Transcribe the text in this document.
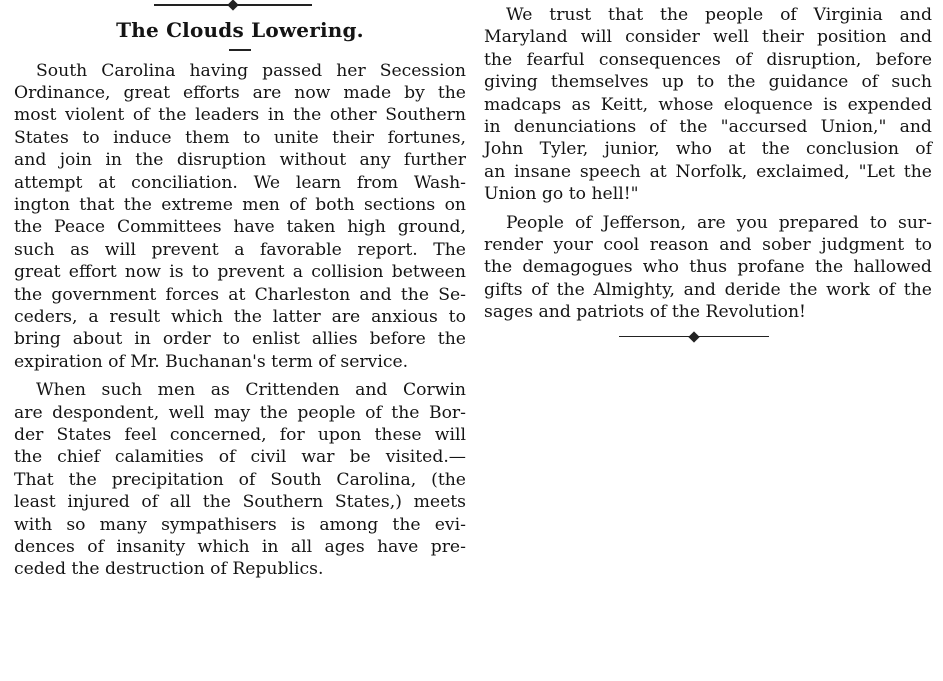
The Clouds Lowering.
South Carolina having passed her Secession
Ordinance, great efforts are now made by the
most violent of the leaders in the other Southern
States to induce them to unite their fortunes,
and join in the disruption without any further
attempt at conciliation. We learn from Wash-
ington that the extreme men of both sections on
the Peace Committees have taken high ground,
such as will prevent a favorable report. The
great effort now is to prevent a collision between
the government forces at Charleston and the Se-
ceders, a result which the latter are anxious to
bring about in order to enlist allies before the
expiration of Mr. Buchanan's term of service.
When such men as Crittenden and Corwin
are despondent, well may the people of the Bor-
der States feel concerned, for upon these will
the chief calamities of civil war be visited.—
That the precipitation of South Carolina, (the
least injured of all the Southern States,) meets
with so many sympathisers is among the evi-
dences of insanity which in all ages have pre-
ceded the destruction of Republics.
We trust that the people of Virginia and
Maryland will consider well their position and
the fearful consequences of disruption, before
giving themselves up to the guidance of such
madcaps as Keitt, whose eloquence is expended
in denunciations of the "accursed Union," and
John Tyler, junior, who at the conclusion of
an insane speech at Norfolk, exclaimed, "Let the
Union go to hell!"
People of Jefferson, are you prepared to sur-
render your cool reason and sober judgment to
the demagogues who thus profane the hallowed
gifts of the Almighty, and deride the work of the
sages and patriots of the Revolution!
